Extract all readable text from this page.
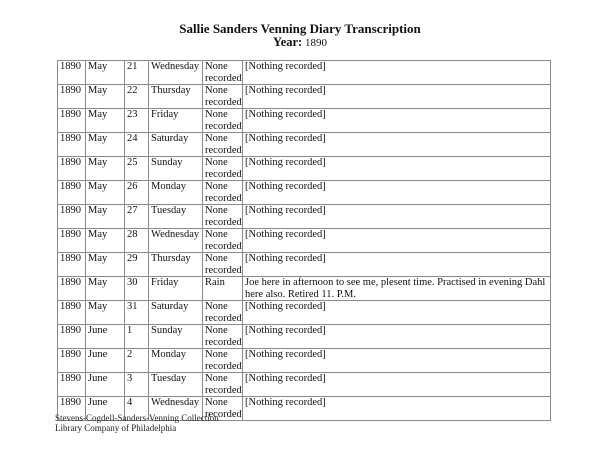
Sallie Sanders Venning Diary Transcription
Year: 1890
1890	May	21	Wednesday	None recorded	[Nothing recorded]
1890	May	22	Thursday	None recorded	[Nothing recorded]
1890	May	23	Friday	None recorded	[Nothing recorded]
1890	May	24	Saturday	None recorded	[Nothing recorded]
1890	May	25	Sunday	None recorded	[Nothing recorded]
1890	May	26	Monday	None recorded	[Nothing recorded]
1890	May	27	Tuesday	None recorded	[Nothing recorded]
1890	May	28	Wednesday	None recorded	[Nothing recorded]
1890	May	29	Thursday	None recorded	[Nothing recorded]
1890	May	30	Friday	Rain	Joe here in afternoon to see me, plesent time. Practised in evening Dahl here also. Retired 11. P.M.
1890	May	31	Saturday	None recorded	[Nothing recorded]
1890	June	1	Sunday	None recorded	[Nothing recorded]
1890	June	2	Monday	None recorded	[Nothing recorded]
1890	June	3	Tuesday	None recorded	[Nothing recorded]
1890	June	4	Wednesday	None recorded	[Nothing recorded]
Stevens-Cogdell-Sanders-Venning Collection
Library Company of Philadelphia
